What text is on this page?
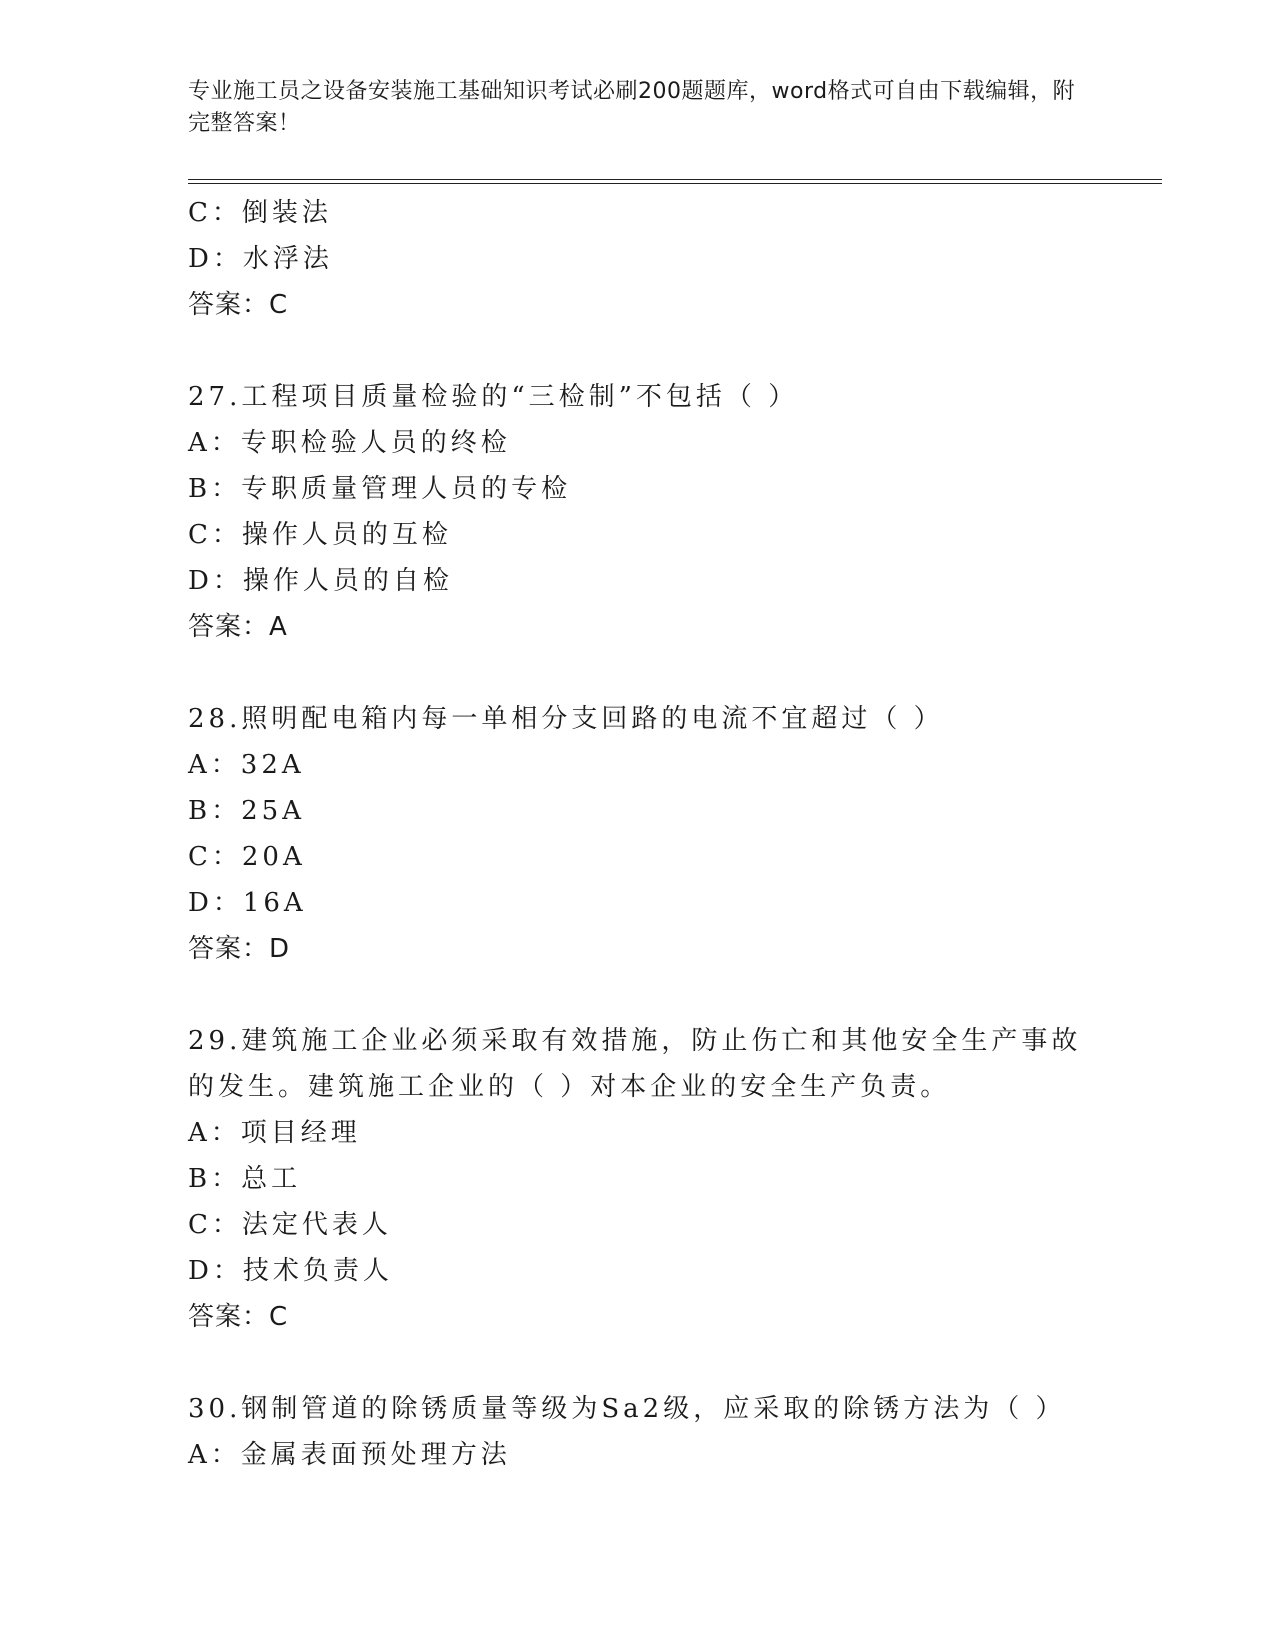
专业施工员之设备安装施工基础知识考试必刷200题题库，word格式可自由下载编辑，附完整答案！
C：倒装法
D：水浮法
答案：C
27.工程项目质量检验的“三检制”不包括（ ）
A：专职检验人员的终检
B：专职质量管理人员的专检
C：操作人员的互检
D：操作人员的自检
答案：A
28.照明配电箱内每一单相分支回路的电流不宜超过（ ）
A：32A
B：25A
C：20A
D：16A
答案：D
29.建筑施工企业必须采取有效措施，防止伤亡和其他安全生产事故的发生。建筑施工企业的（ ）对本企业的安全生产负责。
A：项目经理
B：总工
C：法定代表人
D：技术负责人
答案：C
30.钢制管道的除锈质量等级为Sa2级，应采取的除锈方法为（ ）
A：金属表面预处理方法
